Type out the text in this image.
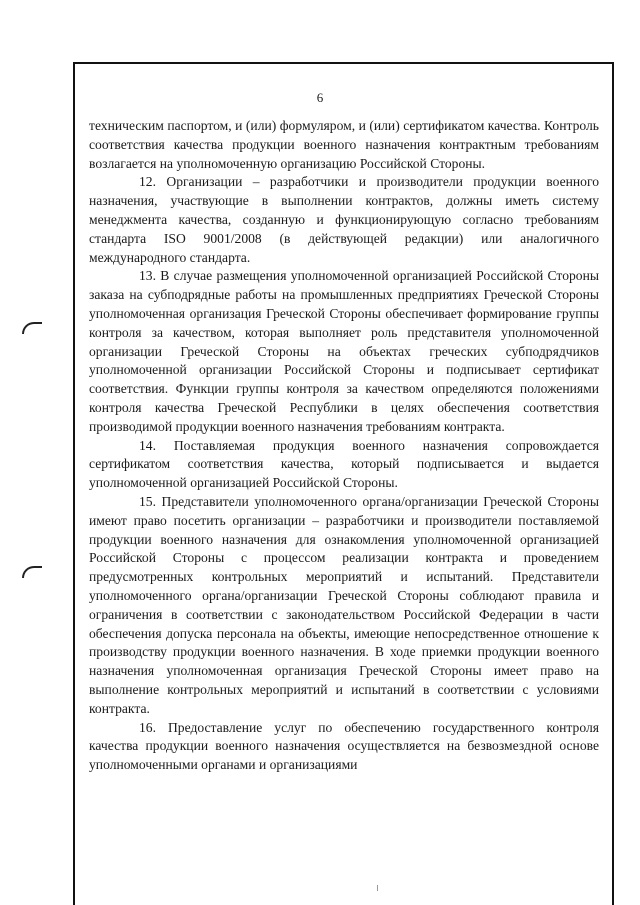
6

техническим паспортом, и (или) формуляром, и (или) сертификатом качества. Контроль соответствия качества продукции военного назначения контрактным требованиям возлагается на уполномоченную организацию Российской Стороны.

12. Организации – разработчики и производители продукции военного назначения, участвующие в выполнении контрактов, должны иметь систему менеджмента качества, созданную и функционирующую согласно требованиям стандарта ISO 9001/2008 (в действующей редакции) или аналогичного международного стандарта.

13. В случае размещения уполномоченной организацией Российской Стороны заказа на субподрядные работы на промышленных предприятиях Греческой Стороны уполномоченная организация Греческой Стороны обеспечивает формирование группы контроля за качеством, которая выполняет роль представителя уполномоченной организации Греческой Стороны на объектах греческих субподрядчиков уполномоченной организации Российской Стороны и подписывает сертификат соответствия. Функции группы контроля за качеством определяются положениями контроля качества Греческой Республики в целях обеспечения соответствия производимой продукции военного назначения требованиям контракта.

14. Поставляемая продукция военного назначения сопровождается сертификатом соответствия качества, который подписывается и выдается уполномоченной организацией Российской Стороны.

15. Представители уполномоченного органа/организации Греческой Стороны имеют право посетить организации – разработчики и производители поставляемой продукции военного назначения для ознакомления уполномоченной организацией Российской Стороны с процессом реализации контракта и проведением предусмотренных контрольных мероприятий и испытаний. Представители уполномоченного органа/организации Греческой Стороны соблюдают правила и ограничения в соответствии с законодательством Российской Федерации в части обеспечения допуска персонала на объекты, имеющие непосредственное отношение к производству продукции военного назначения. В ходе приемки продукции военного назначения уполномоченная организация Греческой Стороны имеет право на выполнение контрольных мероприятий и испытаний в соответствии с условиями контракта.

16. Предоставление услуг по обеспечению государственного контроля качества продукции военного назначения осуществляется на безвозмездной основе уполномоченными органами и организациями
